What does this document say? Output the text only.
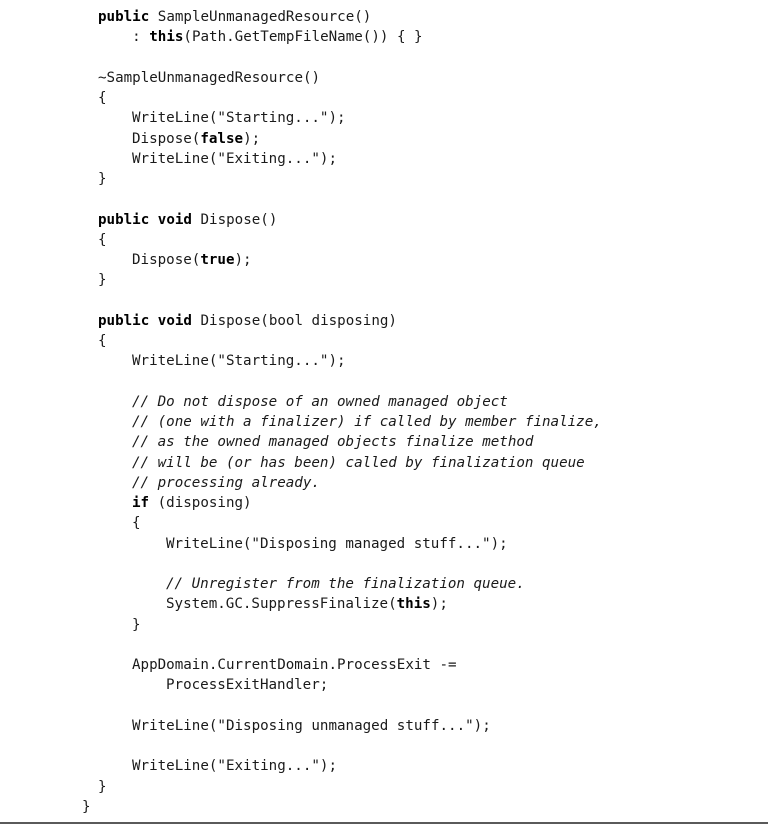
public SampleUnmanagedResource()
: this(Path.GetTempFileName()) { }
~SampleUnmanagedResource()
{
WriteLine("Starting...");
Dispose(false);
WriteLine("Exiting...");
}
public void Dispose()
{
Dispose(true);
}
public void Dispose(bool disposing)
{
WriteLine("Starting...");
// Do not dispose of an owned managed object
// (one with a finalizer) if called by member finalize,
// as the owned managed objects finalize method
// will be (or has been) called by finalization queue
// processing already.
if (disposing)
{
WriteLine("Disposing managed stuff...");
// Unregister from the finalization queue.
System.GC.SuppressFinalize(this);
}
AppDomain.CurrentDomain.ProcessExit -=
ProcessExitHandler;
WriteLine("Disposing unmanaged stuff...");
WriteLine("Exiting...");
}
}
